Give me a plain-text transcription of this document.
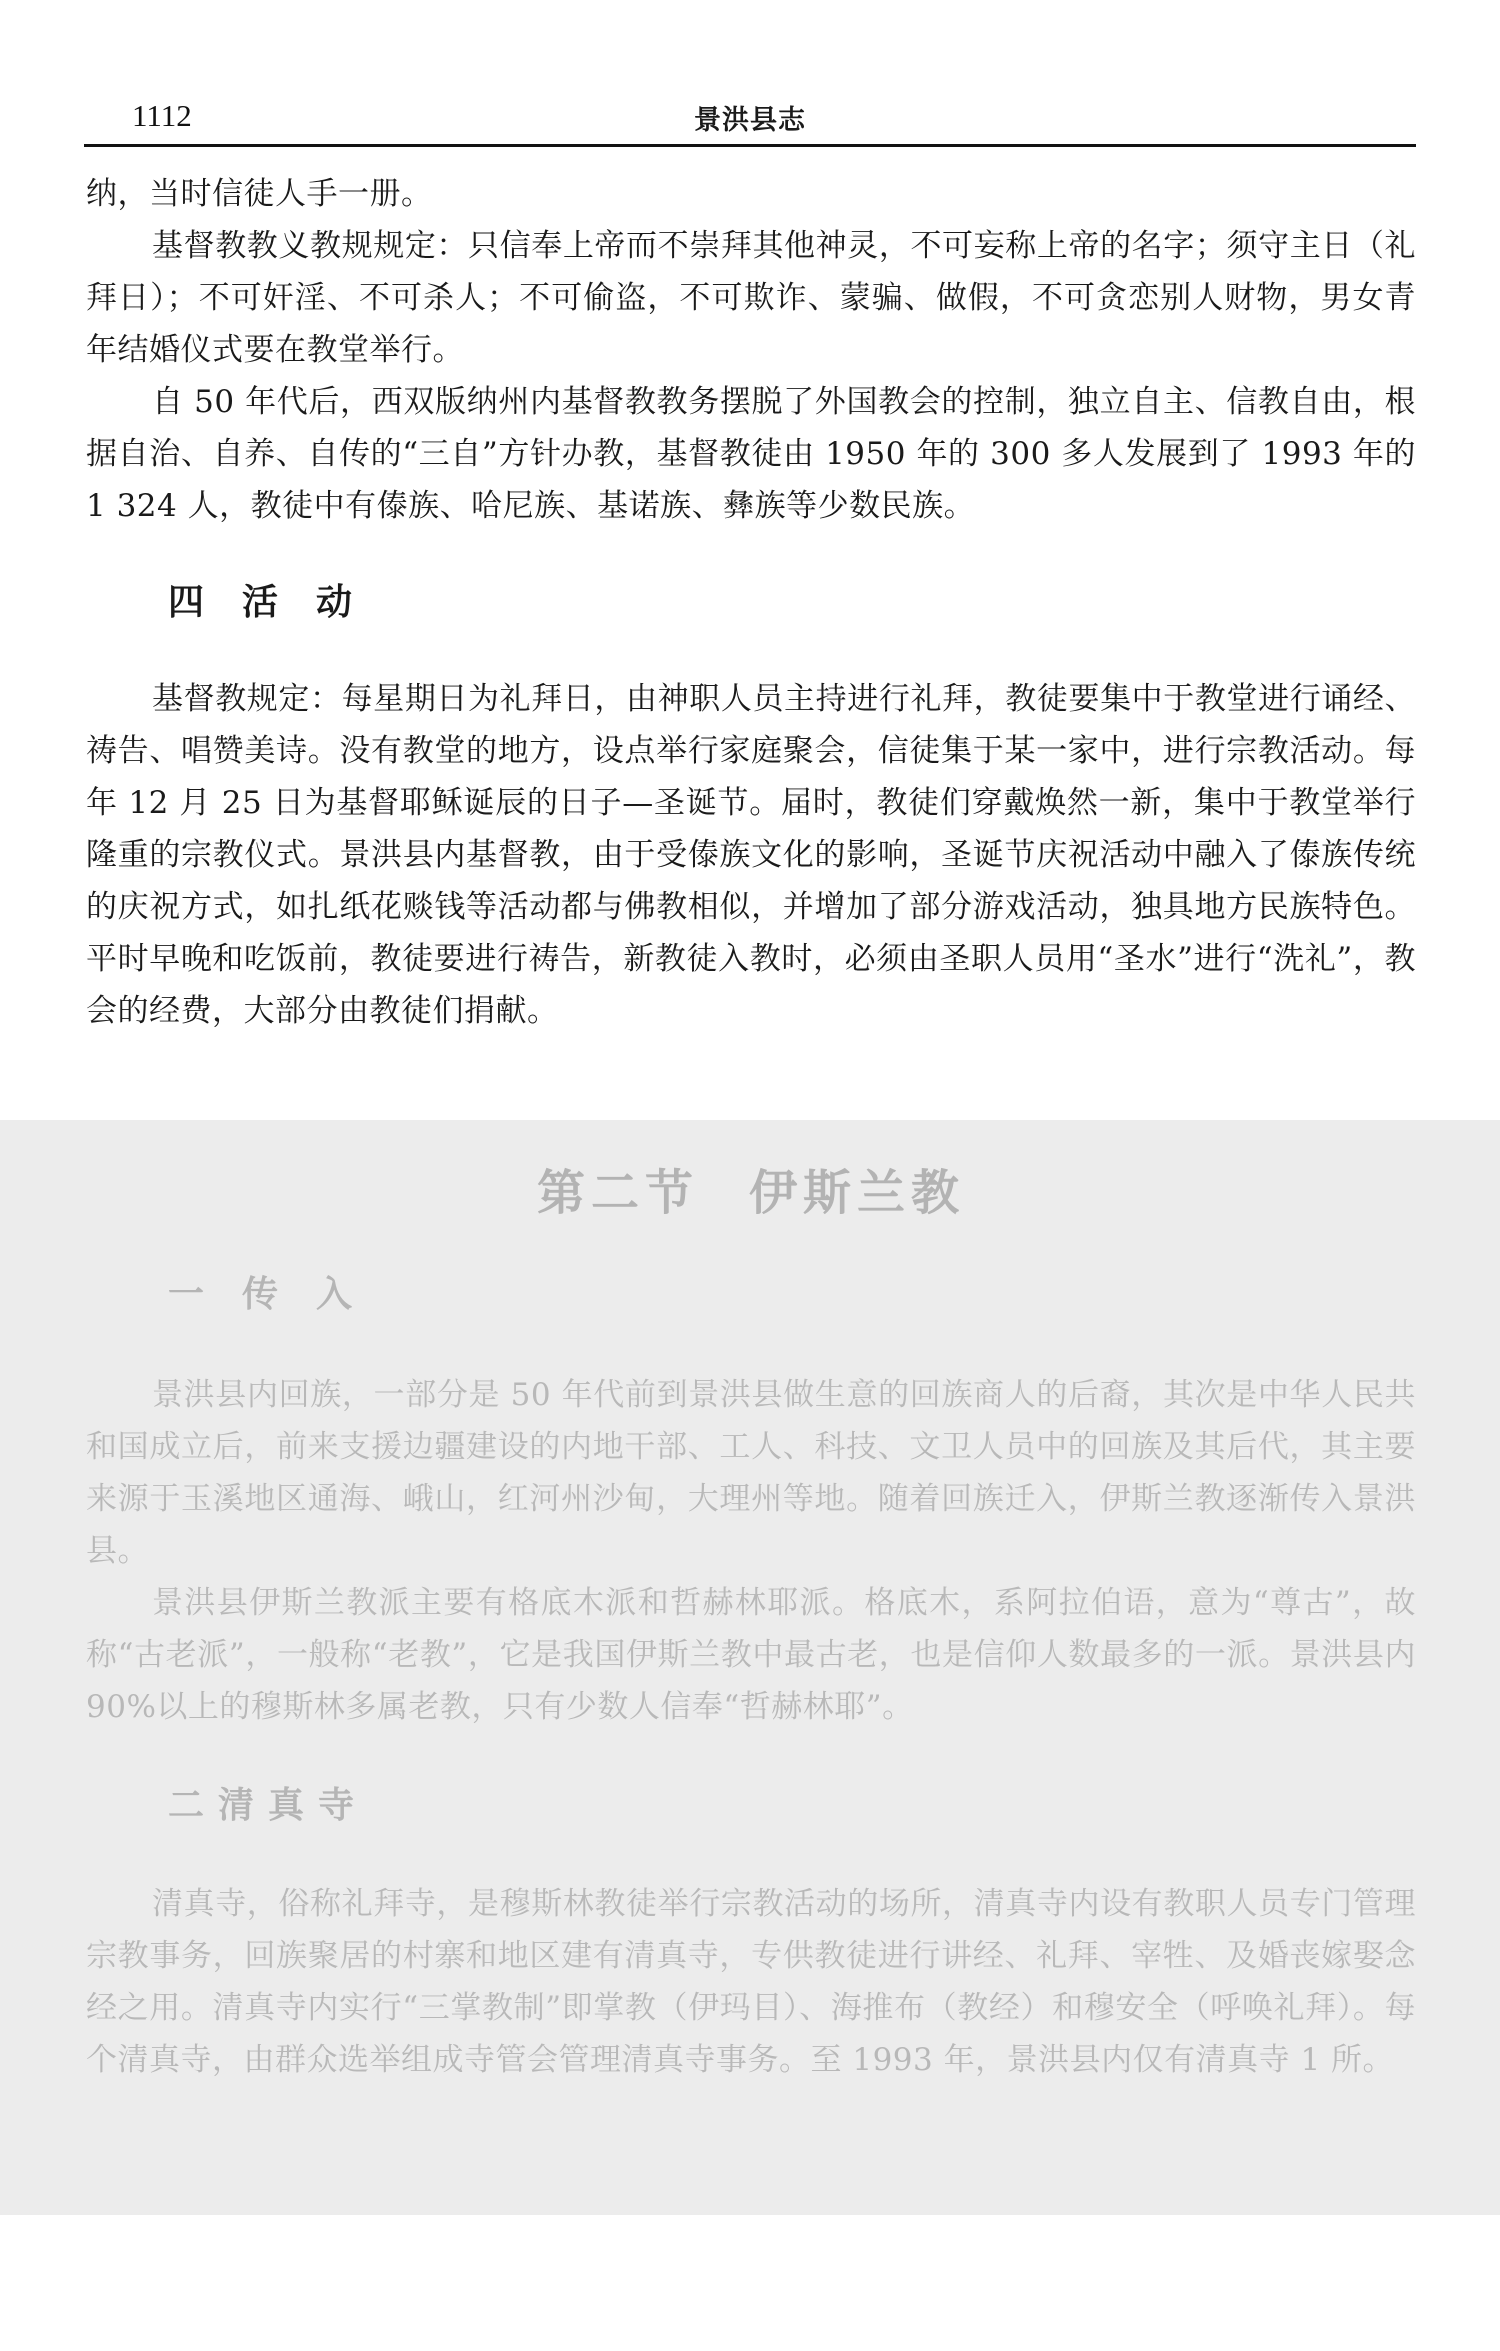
1112	景洪县志

纳，当时信徒人手一册。

基督教教义教规规定：只信奉上帝而不崇拜其他神灵，不可妄称上帝的名字；须守主日（礼拜日）；不可奸淫、不可杀人；不可偷盗，不可欺诈、蒙骗、做假，不可贪恋别人财物，男女青年结婚仪式要在教堂举行。

自 50 年代后，西双版纳州内基督教教务摆脱了外国教会的控制，独立自主、信教自由，根据自治、自养、自传的“三自”方针办教，基督教徒由 1950 年的 300 多人发展到了 1993 年的 1 324 人，教徒中有傣族、哈尼族、基诺族、彝族等少数民族。

四活动

基督教规定：每星期日为礼拜日，由神职人员主持进行礼拜，教徒要集中于教堂进行诵经、祷告、唱赞美诗。没有教堂的地方，设点举行家庭聚会，信徒集于某一家中，进行宗教活动。每年 12 月 25 日为基督耶稣诞辰的日子—圣诞节。届时，教徒们穿戴焕然一新，集中于教堂举行隆重的宗教仪式。景洪县内基督教，由于受傣族文化的影响，圣诞节庆祝活动中融入了傣族传统的庆祝方式，如扎纸花赕钱等活动都与佛教相似，并增加了部分游戏活动，独具地方民族特色。平时早晚和吃饭前，教徒要进行祷告，新教徒入教时，必须由圣职人员用“圣水”进行“洗礼”，教会的经费，大部分由教徒们捐献。

第二节 伊斯兰教
一传入

景洪县内回族，一部分是 50 年代前到景洪县做生意的回族商人的后裔，其次是中华人民共和国成立后，前来支援边疆建设的内地干部、工人、科技、文卫人员中的回族及其后代，其主要来源于玉溪地区通海、峨山，红河州沙甸，大理州等地。随着回族迁入，伊斯兰教逐渐传入景洪县。

景洪县伊斯兰教派主要有格底木派和哲赫林耶派。格底木，系阿拉伯语，意为“尊古”，故称“古老派”，一般称“老教”，它是我国伊斯兰教中最古老，也是信仰人数最多的一派。景洪县内 90%以上的穆斯林多属老教，只有少数人信奉“哲赫林耶”。

二清真寺

清真寺，俗称礼拜寺，是穆斯林教徒举行宗教活动的场所，清真寺内设有教职人员专门管理宗教事务，回族聚居的村寨和地区建有清真寺，专供教徒进行讲经、礼拜、宰牲、及婚丧嫁娶念经之用。清真寺内实行“三掌教制”即掌教（伊玛目）、海推布（教经）和穆安全（呼唤礼拜）。每个清真寺，由群众选举组成寺管会管理清真寺事务。至 1993 年，景洪县内仅有清真寺 1 所。
